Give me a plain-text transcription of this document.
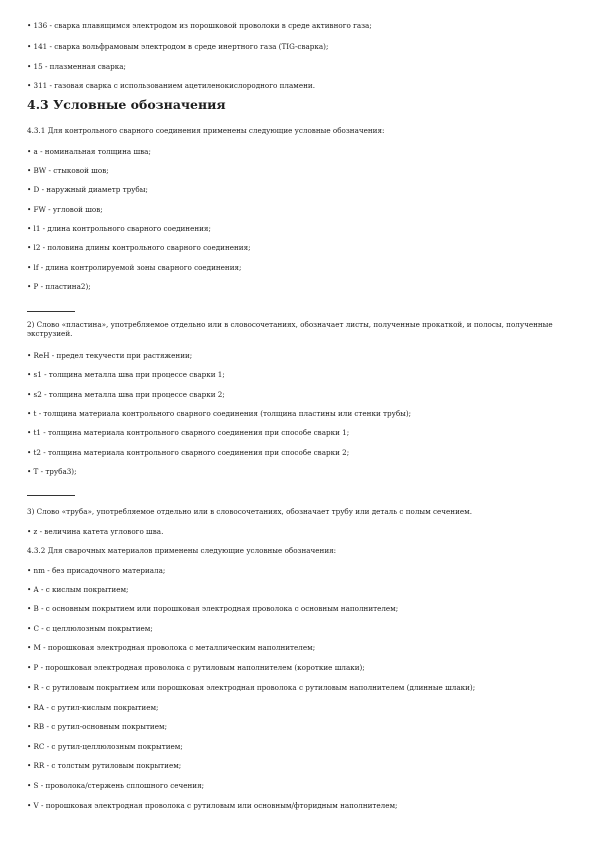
• 136 - сварка плавящимся электродом из порошковой проволоки в среде активного газа;
• 141 - сварка вольфрамовым электродом в среде инертного газа (TIG-сварка);
• 15 - плазменная сварка;
• 311 - газовая сварка с использованием ацетиленокислородного пламени.
4.3 Условные обозначения
4.3.1 Для контрольного сварного соединения применены следующие условные обозначения:
• a - номинальная толщина шва;
• BW - стыковой шов;
• D - наружный диаметр трубы;
• FW - угловой шов;
• l1 - длина контрольного сварного соединения;
• l2 - половина длины контрольного сварного соединения;
• lf - длина контролируемой зоны сварного соединения;
• P - пластина2);
2) Слово «пластина», употребляемое отдельно или в словосочетаниях, обозначает листы, полученные прокаткой, и полосы, полученные экструзией.
• ReH - предел текучести при растяжении;
• s1 - толщина металла шва при процессе сварки 1;
• s2 - толщина металла шва при процессе сварки 2;
• t - толщина материала контрольного сварного соединения (толщина пластины или стенки трубы);
• t1 - толщина материала контрольного сварного соединения при способе сварки 1;
• t2 - толщина материала контрольного сварного соединения при способе сварки 2;
• T - труба3);
3) Слово «труба», употребляемое отдельно или в словосочетаниях, обозначает трубу или деталь с полым сечением.
• z - величина катета углового шва.
4.3.2 Для сварочных материалов применены следующие условные обозначения:
• nm - без присадочного материала;
• A - с кислым покрытием;
• B - с основным покрытием или порошковая электродная проволока с основным наполнителем;
• C - с целлюлозным покрытием;
• M - порошковая электродная проволока с металлическим наполнителем;
• P - порошковая электродная проволока с рутиловым наполнителем (короткие шлаки);
• R - с рутиловым покрытием или порошковая электродная проволока с рутиловым наполнителем (длинные шлаки);
• RA - с рутил-кислым покрытием;
• RB - с рутил-основным покрытием;
• RC - с рутил-целлюлозным покрытием;
• RR - с толстым рутиловым покрытием;
• S - проволока/стержень сплошного сечения;
• V - порошковая электродная проволока с рутиловым или основным/фторидным наполнителем;
